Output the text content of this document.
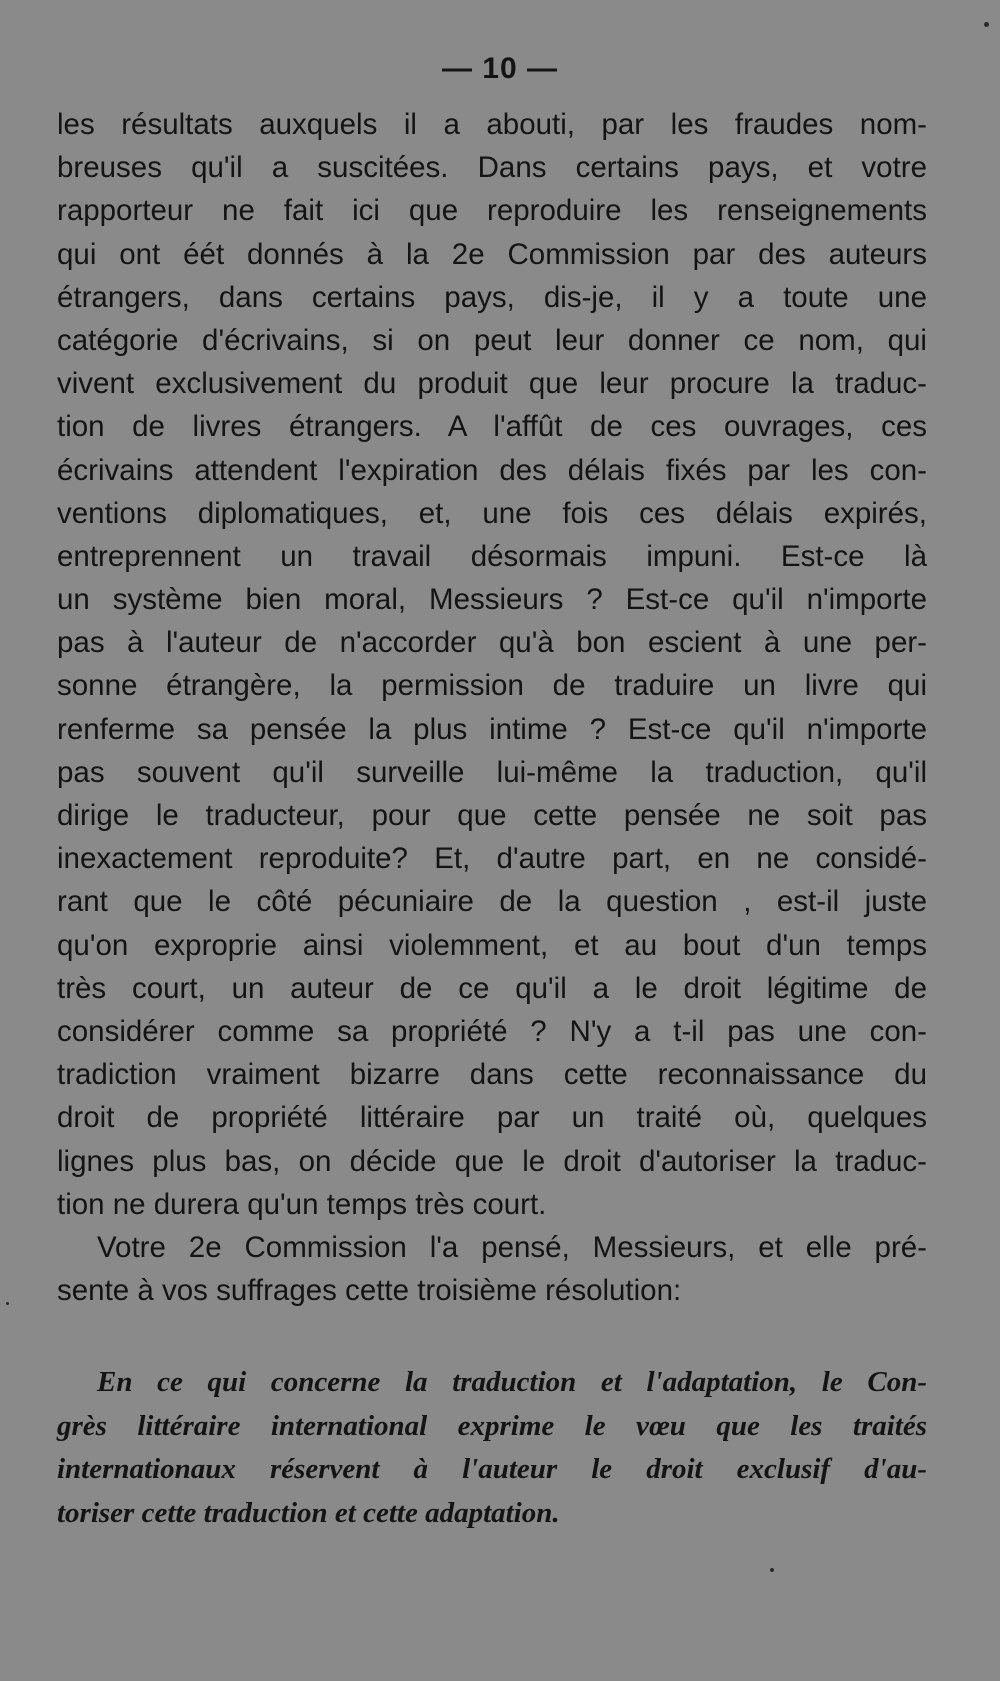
— 10 —
les résultats auxquels il a abouti, par les fraudes nom-
breuses qu'il a suscitées. Dans certains pays, et votre
rapporteur ne fait ici que reproduire les renseignements
qui ont éét donnés à la 2e Commission par des auteurs
étrangers, dans certains pays, dis-je, il y a toute une
catégorie d'écrivains, si on peut leur donner ce nom, qui
vivent exclusivement du produit que leur procure la traduc-
tion de livres étrangers. A l'affût de ces ouvrages, ces
écrivains attendent l'expiration des délais fixés par les con-
ventions diplomatiques, et, une fois ces délais expirés,
entreprennent un travail désormais impuni. Est-ce là
un système bien moral, Messieurs ? Est-ce qu'il n'importe
pas à l'auteur de n'accorder qu'à bon escient à une per-
sonne étrangère, la permission de traduire un livre qui
renferme sa pensée la plus intime ? Est-ce qu'il n'importe
pas souvent qu'il surveille lui-même la traduction, qu'il
dirige le traducteur, pour que cette pensée ne soit pas
inexactement reproduite? Et, d'autre part, en ne considé-
rant que le côté pécuniaire de la question , est-il juste
qu'on exproprie ainsi violemment, et au bout d'un temps
très court, un auteur de ce qu'il a le droit légitime de
considérer comme sa propriété ? N'y a t-il pas une con-
tradiction vraiment bizarre dans cette reconnaissance du
droit de propriété littéraire par un traité où, quelques
lignes plus bas, on décide que le droit d'autoriser la traduc-
tion ne durera qu'un temps très court.
Votre 2e Commission l'a pensé, Messieurs, et elle pré-
sente à vos suffrages cette troisième résolution:
En ce qui concerne la traduction et l'adaptation, le Con-
grès littéraire international exprime le vœu que les traités
internationaux réservent à l'auteur le droit exclusif d'au-
toriser cette traduction et cette adaptation.
